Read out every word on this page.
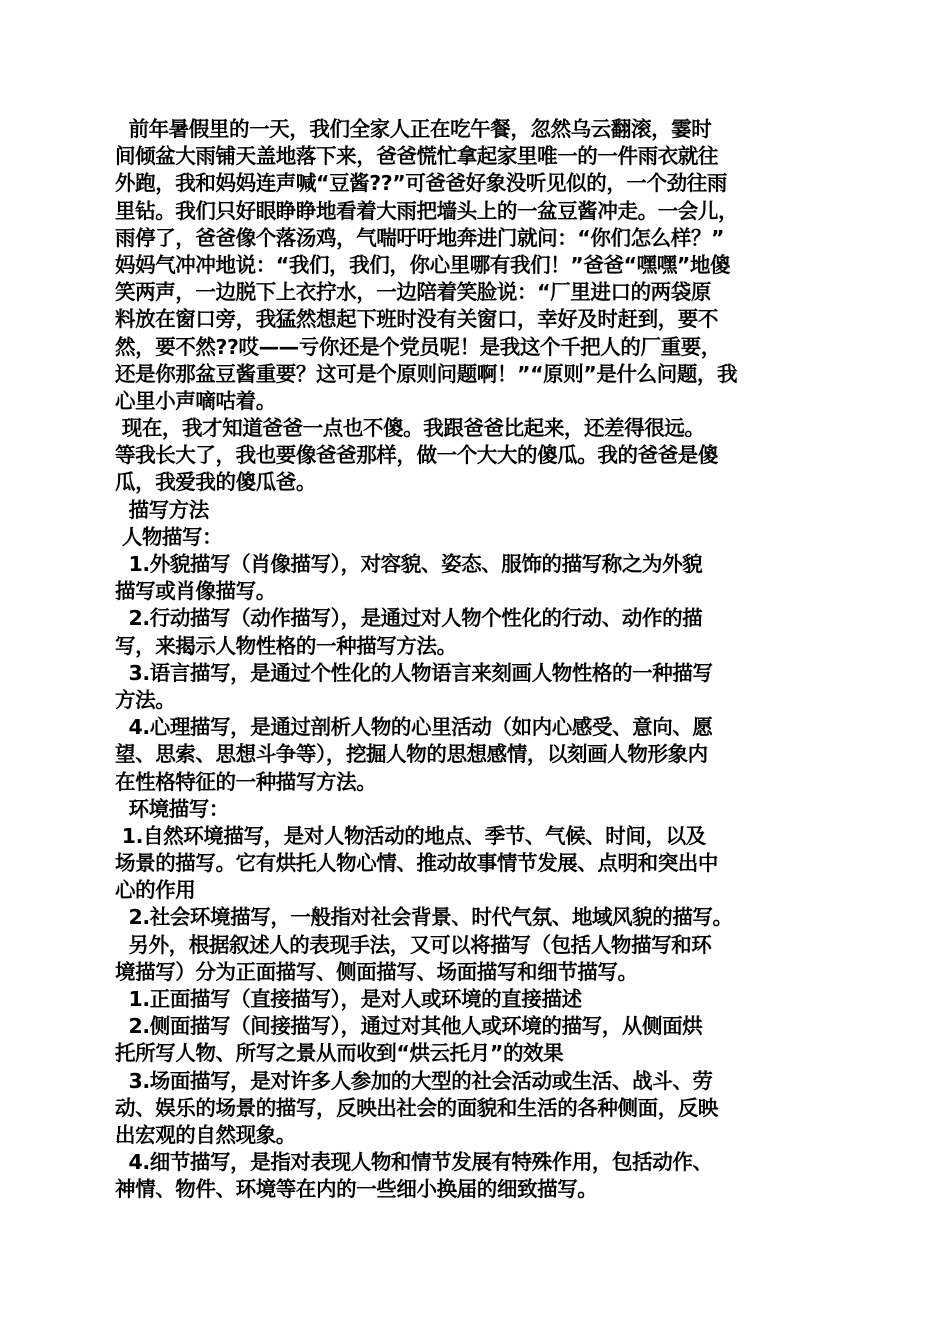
前年暑假里的一天，我们全家人正在吃午餐，忽然乌云翻滚，霎时
间倾盆大雨铺天盖地落下来，爸爸慌忙拿起家里唯一的一件雨衣就往
外跑，我和妈妈连声喊“豆酱??”可爸爸好象没听见似的，一个劲往雨
里钻。我们只好眼睁睁地看着大雨把墙头上的一盆豆酱冲走。一会儿，
雨停了，爸爸像个落汤鸡，气喘吁吁地奔进门就问：“你们怎么样？”
妈妈气冲冲地说：“我们，我们，你心里哪有我们！”爸爸“嘿嘿”地傻
笑两声，一边脱下上衣拧水，一边陪着笑脸说：“厂里进口的两袋原
料放在窗口旁，我猛然想起下班时没有关窗口，幸好及时赶到，要不
然，要不然??哎——亏你还是个党员呢！是我这个千把人的厂重要，
还是你那盆豆酱重要？这可是个原则问题啊！”“原则”是什么问题，我
心里小声嘀咕着。
现在，我才知道爸爸一点也不傻。我跟爸爸比起来，还差得很远。
等我长大了，我也要像爸爸那样，做一个大大的傻瓜。我的爸爸是傻
瓜，我爱我的傻瓜爸。
描写方法
人物描写：
1.外貌描写（肖像描写），对容貌、姿态、服饰的描写称之为外貌
描写或肖像描写。
2.行动描写（动作描写），是通过对人物个性化的行动、动作的描
写，来揭示人物性格的一种描写方法。
3.语言描写，是通过个性化的人物语言来刻画人物性格的一种描写
方法。
4.心理描写，是通过剖析人物的心里活动（如内心感受、意向、愿
望、思索、思想斗争等），挖掘人物的思想感情，以刻画人物形象内
在性格特征的一种描写方法。
环境描写：
1.自然环境描写，是对人物活动的地点、季节、气候、时间，以及
场景的描写。它有烘托人物心情、推动故事情节发展、点明和突出中
心的作用
2.社会环境描写，一般指对社会背景、时代气氛、地域风貌的描写。
另外，根据叙述人的表现手法，又可以将描写（包括人物描写和环
境描写）分为正面描写、侧面描写、场面描写和细节描写。
1.正面描写（直接描写），是对人或环境的直接描述
2.侧面描写（间接描写），通过对其他人或环境的描写，从侧面烘
托所写人物、所写之景从而收到“烘云托月”的效果
3.场面描写，是对许多人参加的大型的社会活动或生活、战斗、劳
动、娱乐的场景的描写，反映出社会的面貌和生活的各种侧面，反映
出宏观的自然现象。
4.细节描写，是指对表现人物和情节发展有特殊作用，包括动作、
神情、物件、环境等在内的一些细小换届的细致描写。
